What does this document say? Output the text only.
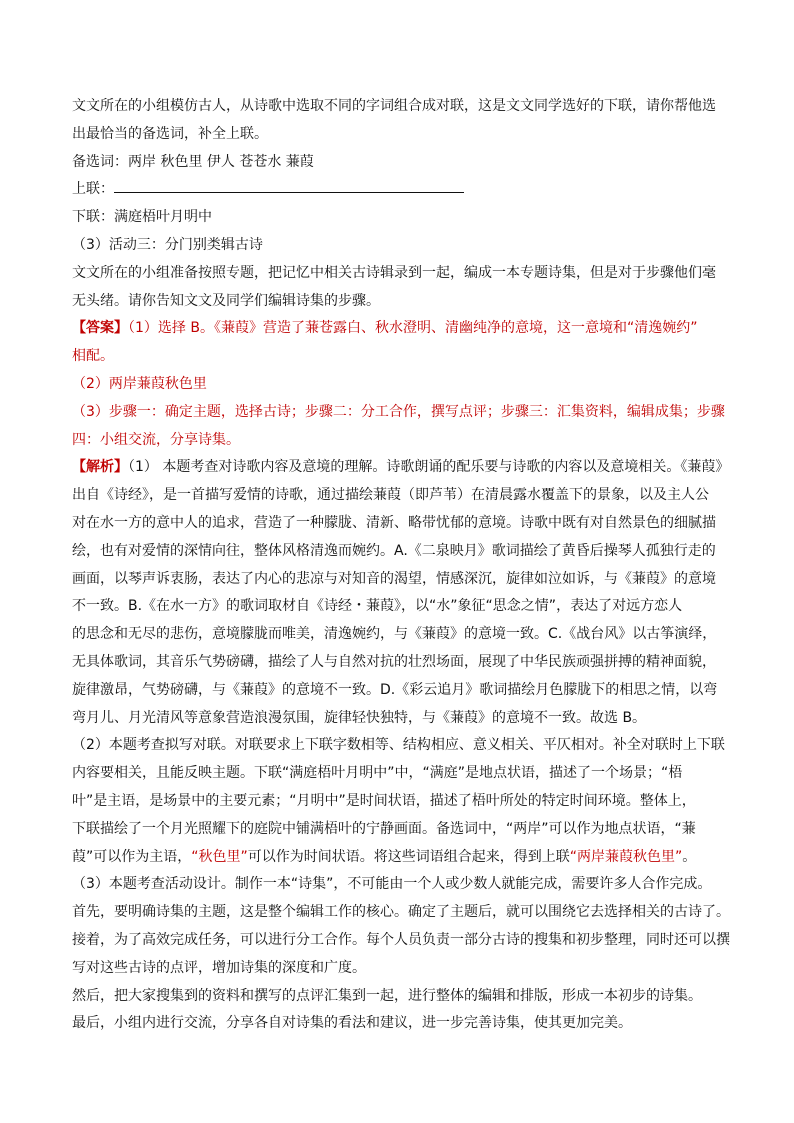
文文所在的小组模仿古人，从诗歌中选取不同的字词组合成对联，这是文文同学选好的下联，请你帮他选
出最恰当的备选词，补全上联。
备选词：两岸 秋色里 伊人 苍苍水 蒹葭
上联：
下联：满庭梧叶月明中
（3）活动三：分门别类辑古诗
文文所在的小组准备按照专题，把记忆中相关古诗辑录到一起，编成一本专题诗集，但是对于步骤他们毫
无头绪。请你告知文文及同学们编辑诗集的步骤。
【答案】（1）选择 B。《蒹葭》营造了蒹苍露白、秋水澄明、清幽纯净的意境，这一意境和“清逸婉约”
相配。
（2）两岸蒹葭秋色里
（3）步骤一：确定主题，选择古诗；步骤二：分工合作，撰写点评；步骤三：汇集资料，编辑成集；步骤
四：小组交流，分享诗集。
【解析】（1） 本题考查对诗歌内容及意境的理解。诗歌朗诵的配乐要与诗歌的内容以及意境相关。《蒹葭》
出自《诗经》，是一首描写爱情的诗歌，通过描绘蒹葭（即芦苇）在清晨露水覆盖下的景象，以及主人公
对在水一方的意中人的追求，营造了一种朦胧、清新、略带忧郁的意境。诗歌中既有对自然景色的细腻描
绘，也有对爱情的深情向往，整体风格清逸而婉约。A.《二泉映月》歌词描绘了黄昏后操琴人孤独行走的
画面，以琴声诉衷肠，表达了内心的悲凉与对知音的渴望，情感深沉，旋律如泣如诉，与《蒹葭》的意境
不一致。B.《在水一方》的歌词取材自《诗经・蒹葭》，以“水”象征“思念之情”，表达了对远方恋人
的思念和无尽的悲伤，意境朦胧而唯美，清逸婉约，与《蒹葭》的意境一致。C.《战台风》以古筝演绎，
无具体歌词，其音乐气势磅礴，描绘了人与自然对抗的壮烈场面，展现了中华民族顽强拼搏的精神面貌，
旋律激昂，气势磅礴，与《蒹葭》的意境不一致。D.《彩云追月》歌词描绘月色朦胧下的相思之情，以弯
弯月儿、月光清风等意象营造浪漫氛围，旋律轻快独特，与《蒹葭》的意境不一致。故选 B。
（2）本题考查拟写对联。对联要求上下联字数相等、结构相应、意义相关、平仄相对。补全对联时上下联
内容要相关，且能反映主题。下联“满庭梧叶月明中”中，“满庭”是地点状语，描述了一个场景；“梧
叶”是主语，是场景中的主要元素；“月明中”是时间状语，描述了梧叶所处的特定时间环境。整体上，
下联描绘了一个月光照耀下的庭院中铺满梧叶的宁静画面。备选词中，“两岸”可以作为地点状语，“蒹
葭”可以作为主语，“秋色里”可以作为时间状语。将这些词语组合起来，得到上联“两岸蒹葭秋色里”。
（3）本题考查活动设计。制作一本“诗集”，不可能由一个人或少数人就能完成，需要许多人合作完成。
首先，要明确诗集的主题，这是整个编辑工作的核心。确定了主题后，就可以围绕它去选择相关的古诗了。
接着，为了高效完成任务，可以进行分工合作。每个人员负责一部分古诗的搜集和初步整理，同时还可以撰
写对这些古诗的点评，增加诗集的深度和广度。
然后，把大家搜集到的资料和撰写的点评汇集到一起，进行整体的编辑和排版，形成一本初步的诗集。
最后，小组内进行交流，分享各自对诗集的看法和建议，进一步完善诗集，使其更加完美。
